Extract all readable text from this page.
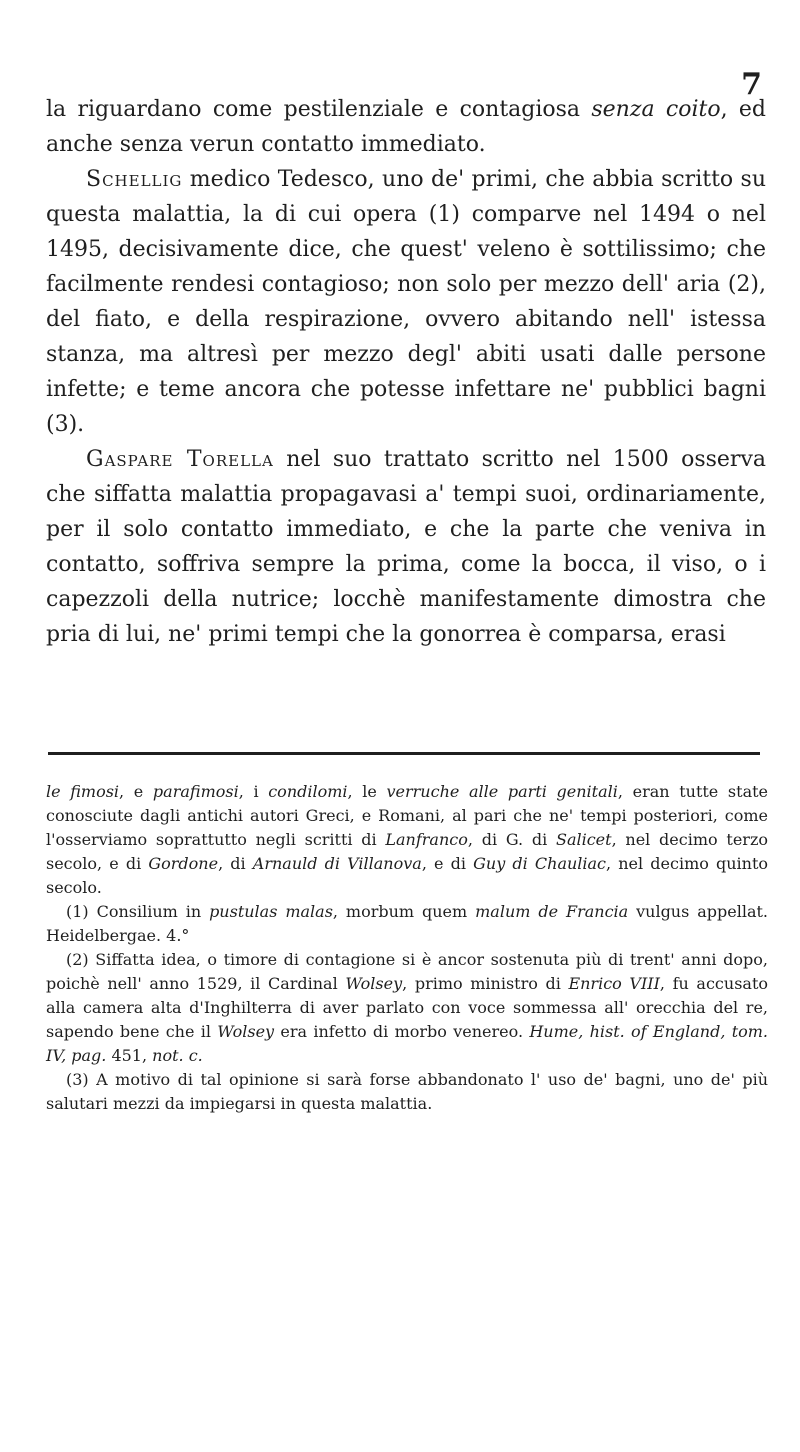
7

la riguardano come pestilenziale e contagiosa senza coito, ed anche senza verun contatto immediato.

Schellig medico Tedesco, uno de' primi, che abbia scritto su questa malattia, la di cui opera (1) comparve nel 1494 o nel 1495, decisivamente dice, che quest' veleno è sottilissimo; che facilmente rendesi contagioso; non solo per mezzo dell' aria (2), del fiato, e della respirazione, ovvero abitando nell' istessa stanza, ma altresì per mezzo degl' abiti usati dalle persone infette; e teme ancora che potesse infettare ne' pubblici bagni (3).

Gaspare Torella nel suo trattato scritto nel 1500 osserva che siffatta malattia propagavasi a' tempi suoi, ordinariamente, per il solo contatto immediato, e che la parte che veniva in contatto, soffriva sempre la prima, come la bocca, il viso, o i capezzoli della nutrice; locchè manifestamente dimostra che pria di lui, ne' primi tempi che la gonorrea è comparsa, erasi

le fimosi, e parafimosi, i condilomi, le verruche alle parti genitali, eran tutte state conosciute dagli antichi autori Greci, e Romani, al pari che ne' tempi posteriori, come l'osserviamo soprattutto negli scritti di Lanfranco, di G. di Salicet, nel decimo terzo secolo, e di Gordone, di Arnauld di Villanova, e di Guy di Chauliac, nel decimo quinto secolo.

(1) Consilium in pustulas malas, morbum quem malum de Francia vulgus appellat. Heidelbergae. 4.°

(2) Siffatta idea, o timore di contagione si è ancor sostenuta più di trent' anni dopo, poichè nell' anno 1529, il Cardinal Wolsey, primo ministro di Enrico VIII, fu accusato alla camera alta d'Inghilterra di aver parlato con voce sommessa all' orecchia del re, sapendo bene che il Wolsey era infetto di morbo venereo. Hume, hist. of England, tom. IV, pag. 451, not. c.

(3) A motivo di tal opinione si sarà forse abbandonato l' uso de' bagni, uno de' più salutari mezzi da impiegarsi in questa malattia.
